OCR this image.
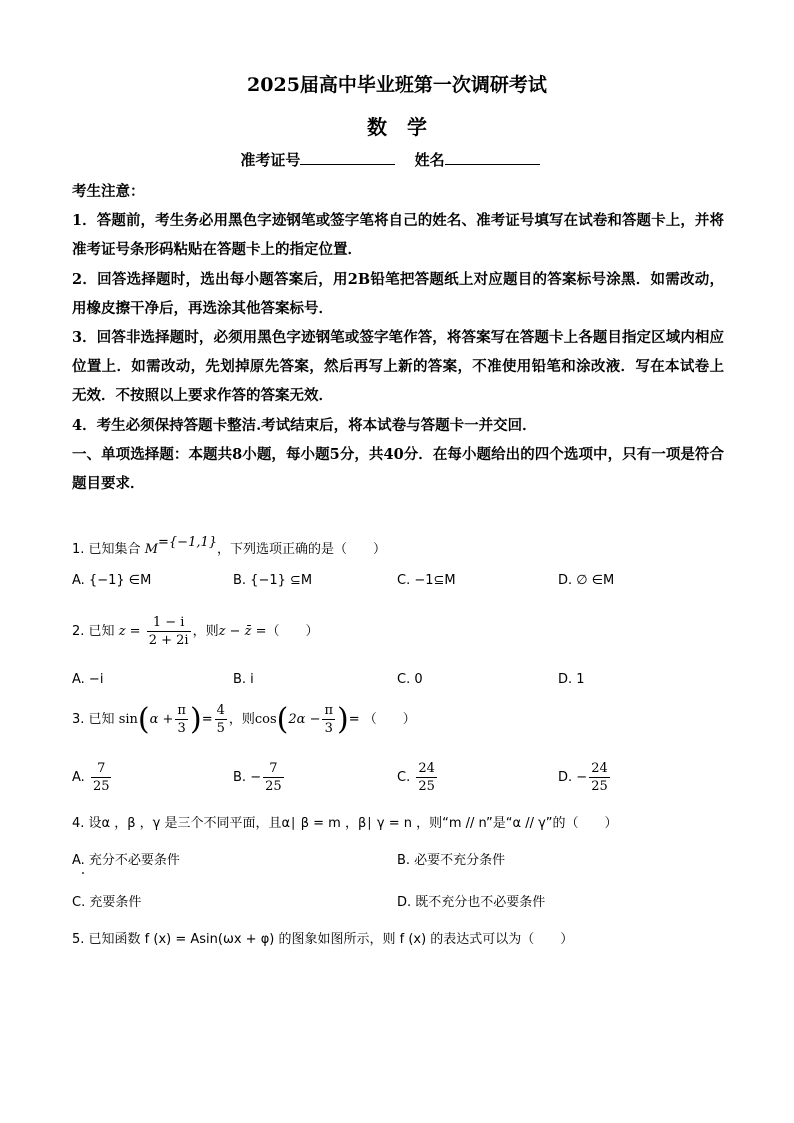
2025届高中毕业班第一次调研考试
数学
准考证号	姓名

考生注意：

1．答题前，考生务必用黑色字迹钢笔或签字笔将自己的姓名、准考证号填写在试卷和答题卡上，并将准考证号条形码粘贴在答题卡上的指定位置．

2．回答选择题时，选出每小题答案后，用2B铅笔把答题纸上对应题目的答案标号涂黑．如需改动，用橡皮擦干净后，再选涂其他答案标号．

3．回答非选择题时，必须用黑色字迹钢笔或签字笔作答，将答案写在答题卡上各题目指定区域内相应位置上．如需改动，先划掉原先答案，然后再写上新的答案，不准使用铅笔和涂改液．写在本试卷上无效．不按照以上要求作答的答案无效．

4．考生必须保持答题卡整洁.考试结束后，将本试卷与答题卡一并交回．

一、单项选择题：本题共8小题，每小题5分，共40分．在每小题给出的四个选项中，只有一项是符合题目要求．

1. 已知集合 M={−1,1}，下列选项正确的是（　　）
A. {−1} ∈M	B. {−1} ⊆M	C. −1⊆M	D. ∅ ∈M
2. 已知 $z = \frac{1 - i}{2 + 2i}$ ，则z − z̄ =（　　）
A. −i	B. i	C. 0	D. 1
3. 已知 $\sin(\alpha + \frac{\pi}{3}$ )= $\frac{4}{5}$ ，则$\cos(2\alpha - \frac{\pi}{3}$ )= （　　）
A. $\frac{7}{25}$	B. − $\frac{7}{25}$	C. $\frac{24}{25}$	D. − $\frac{24}{25}$
4. 设α ，β ，γ 是三个不同平面，且α∣ β = m ，β∣ γ = n ，则“m // n”是“α // γ”的（　　）
A. 充分不必要条件	B. 必要不充分条件
C. 充要条件	D. 既不充分也不必要条件
5. 已知函数 f (x) = Asin(ωx + φ) 的图象如图所示，则 f (x) 的表达式可以为（　　）
